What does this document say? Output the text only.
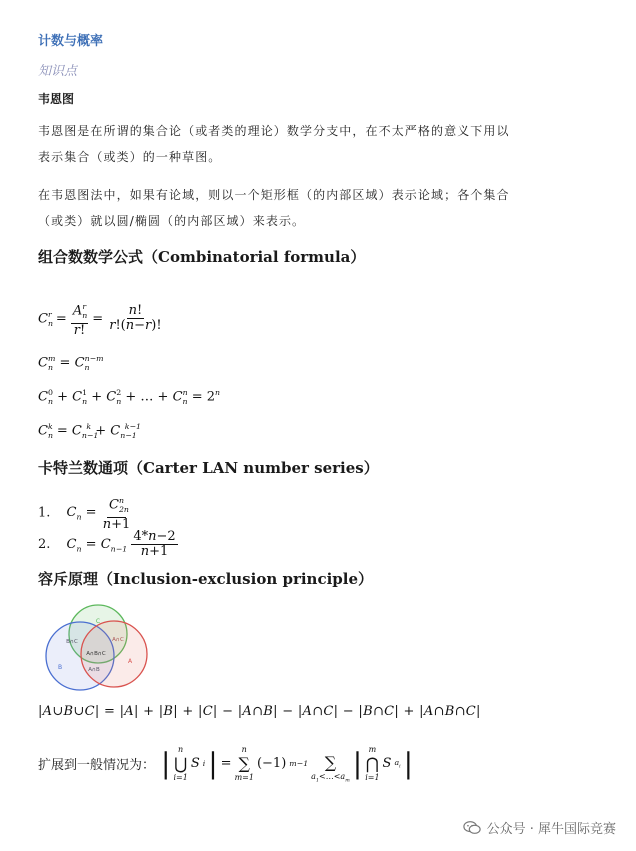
计数与概率
知识点
韦恩图
韦恩图是在所谓的集合论（或者类的理论）数学分支中，在不太严格的意义下用以
表示集合（或类）的一种草图。
在韦恩图法中，如果有论域，则以一个矩形框（的内部区域）表示论域；各个集合
（或类）就以圆/椭圆（的内部区域）来表示。
组合数数学公式（Combinatorial formula）
$C_n^r = \frac{A_n^r}{r!} = \frac{n!}{r!(n-r)!}$
$C_n^m = C_n^{n-m}$
$C_n^0 + C_n^1 + C_n^2$ + … + $C_n^n = 2^n$
$C_n^k = C_{n-1}^k + C_{n-1}^{k-1}$
卡特兰数通项（Carter LAN number series）
1. $C_n = \frac{C_{2n}^n}{n+1}$
2. $C_n = C_{n-1} \frac{4*n-2}{n+1}$
容斥原理（Inclusion-exclusion principle）
C
B∩C	A∩C
A∩B∩C
B	A∩B
A
|A∪B∪C| = |A| + |B| + |C| − |A∩B| − |A∩C| − |B∩C| + |A∩B∩C|
扩展到一般情况为： | n
⋃
i=1
S i | =
n
∑
m=1
(−1) m−1
∑
$a_1<\dots<a_m$
| m
⋂
i=1
S $a_i$ |
公众号 · 犀牛国际竞赛
